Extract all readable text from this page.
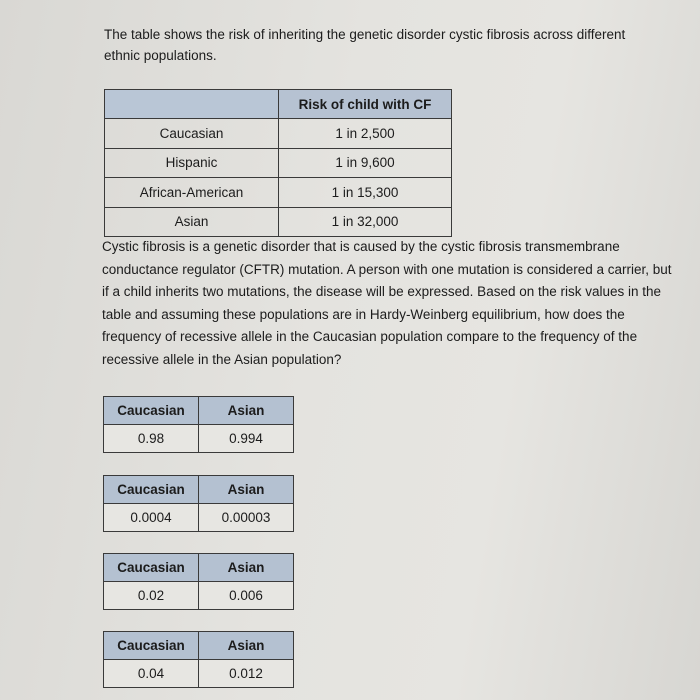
The table shows the risk of inheriting the genetic disorder cystic fibrosis across different ethnic populations.

	Risk of child with CF
Caucasian	1 in 2,500
Hispanic	1 in 9,600
African-American	1 in 15,300
Asian	1 in 32,000

Cystic fibrosis is a genetic disorder that is caused by the cystic fibrosis transmembrane conductance regulator (CFTR) mutation. A person with one mutation is considered a carrier, but if a child inherits two mutations, the disease will be expressed. Based on the risk values in the table and assuming these populations are in Hardy-Weinberg equilibrium, how does the frequency of recessive allele in the Caucasian population compare to the frequency of the recessive allele in the Asian population?

Caucasian	Asian
0.98	0.994
Caucasian	Asian
0.0004	0.00003
Caucasian	Asian
0.02	0.006
Caucasian	Asian
0.04	0.012
